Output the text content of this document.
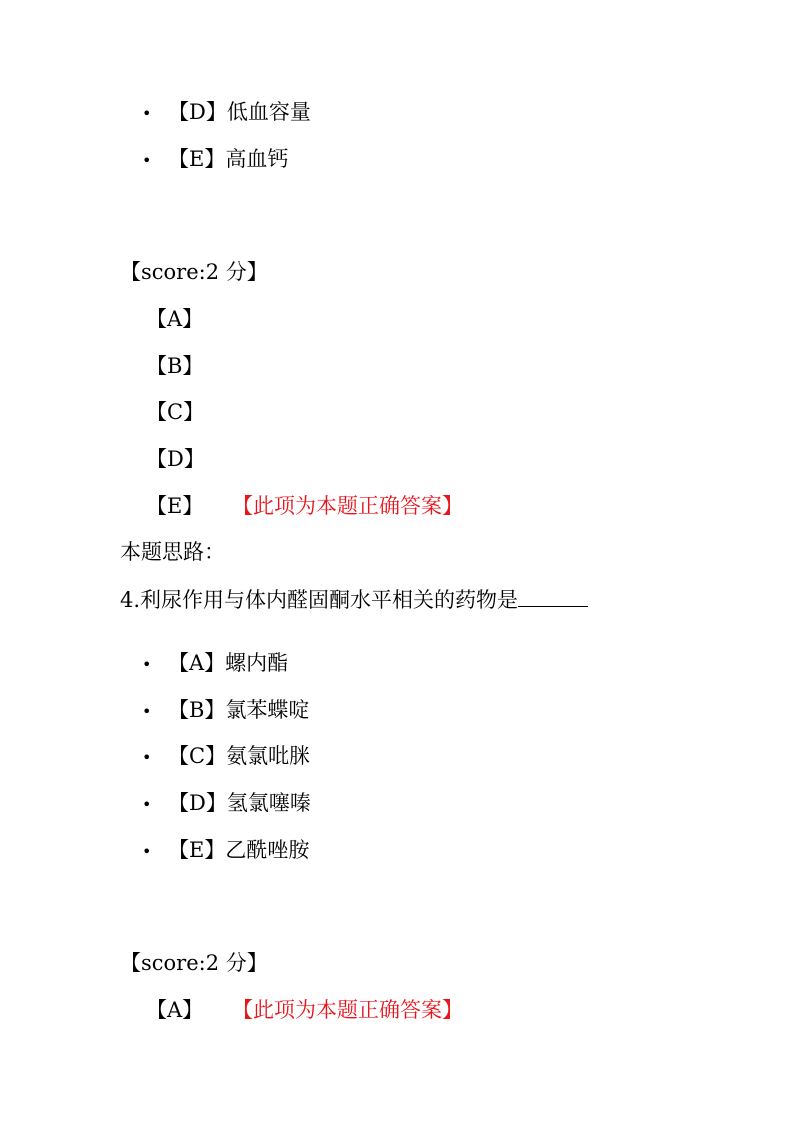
• 【D】低血容量
• 【E】高血钙
【score:2 分】
【A】
【B】
【C】
【D】
【E】 【此项为本题正确答案】
本题思路：
4.利尿作用与体内醛固酮水平相关的药物是
• 【A】螺内酯
• 【B】氯苯蝶啶
• 【C】氨氯吡脒
• 【D】氢氯噻嗪
• 【E】乙酰唑胺
【score:2 分】
【A】 【此项为本题正确答案】
